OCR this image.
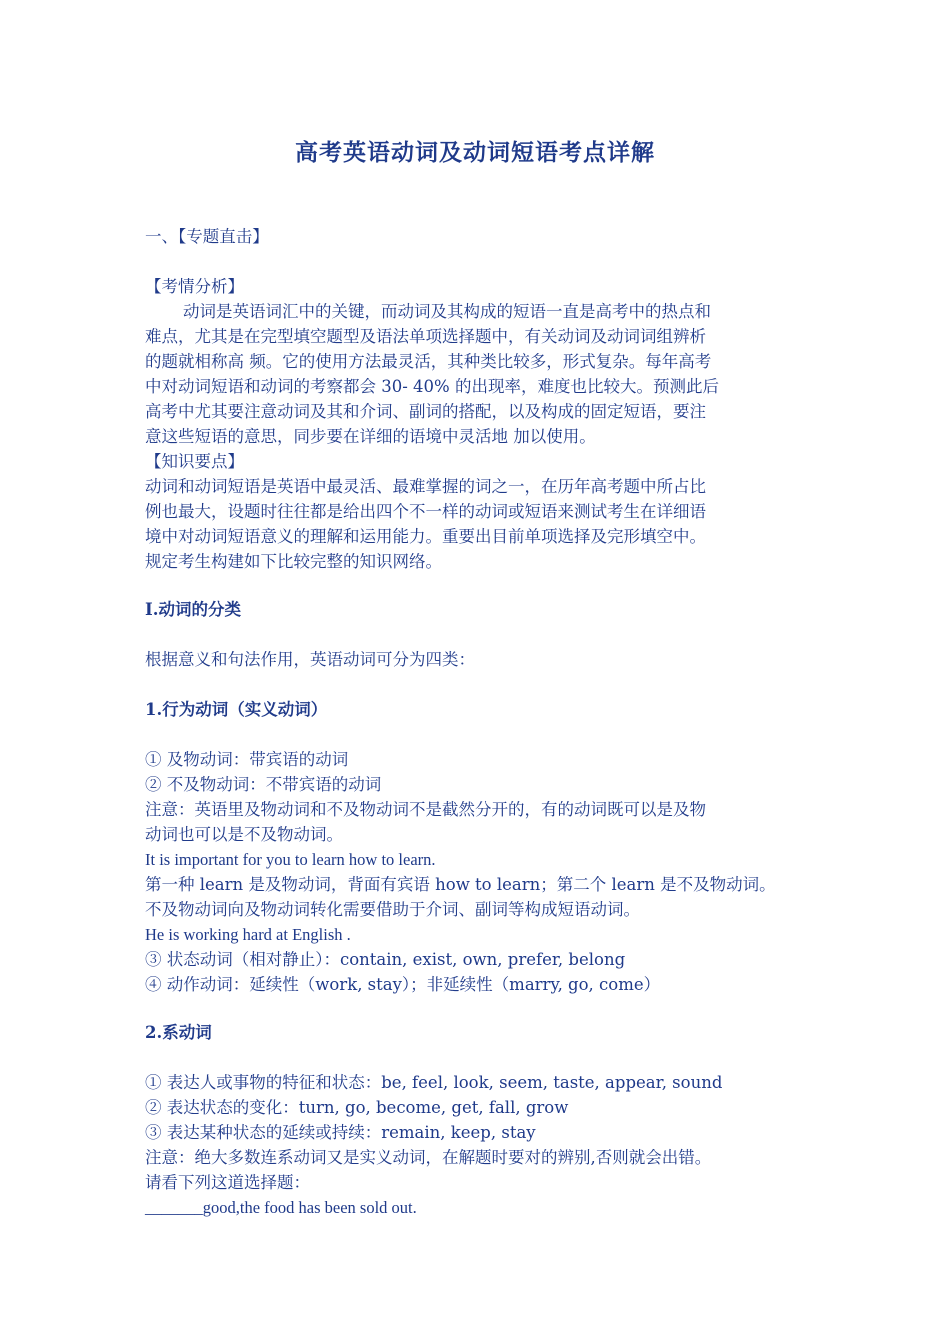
高考英语动词及动词短语考点详解
一、【专题直击】
【考情分析】
动词是英语词汇中的关键，而动词及其构成的短语一直是高考中的热点和
难点，尤其是在完型填空题型及语法单项选择题中，有关动词及动词词组辨析
的题就相称高 频。它的使用方法最灵活，其种类比较多，形式复杂。每年高考
中对动词短语和动词的考察都会 30- 40% 的出现率，难度也比较大。预测此后
高考中尤其要注意动词及其和介词、副词的搭配，以及构成的固定短语，要注
意这些短语的意思，同步要在详细的语境中灵活地 加以使用。
【知识要点】
动词和动词短语是英语中最灵活、最难掌握的词之一，在历年高考题中所占比
例也最大，设题时往往都是给出四个不一样的动词或短语来测试考生在详细语
境中对动词短语意义的理解和运用能力。重要出目前单项选择及完形填空中。
规定考生构建如下比较完整的知识网络。
I.动词的分类
根据意义和句法作用，英语动词可分为四类：
1.行为动词（实义动词）
① 及物动词：带宾语的动词
② 不及物动词：不带宾语的动词
注意：英语里及物动词和不及物动词不是截然分开的，有的动词既可以是及物
动词也可以是不及物动词。
It is important for you to learn how to learn.
第一种 learn 是及物动词，背面有宾语 how to learn；第二个 learn 是不及物动词。
不及物动词向及物动词转化需要借助于介词、副词等构成短语动词。
He is working hard at English .
③ 状态动词（相对静止）：contain, exist, own, prefer, belong
④ 动作动词：延续性（work, stay）；非延续性（marry, go, come）
2.系动词
① 表达人或事物的特征和状态：be, feel, look, seem, taste, appear, sound
② 表达状态的变化：turn, go, become, get, fall, grow
③ 表达某种状态的延续或持续：remain, keep, stay
注意：绝大多数连系动词又是实义动词，在解题时要对的辨别,否则就会出错。
请看下列这道选择题：
_______good,the food has been sold out.
